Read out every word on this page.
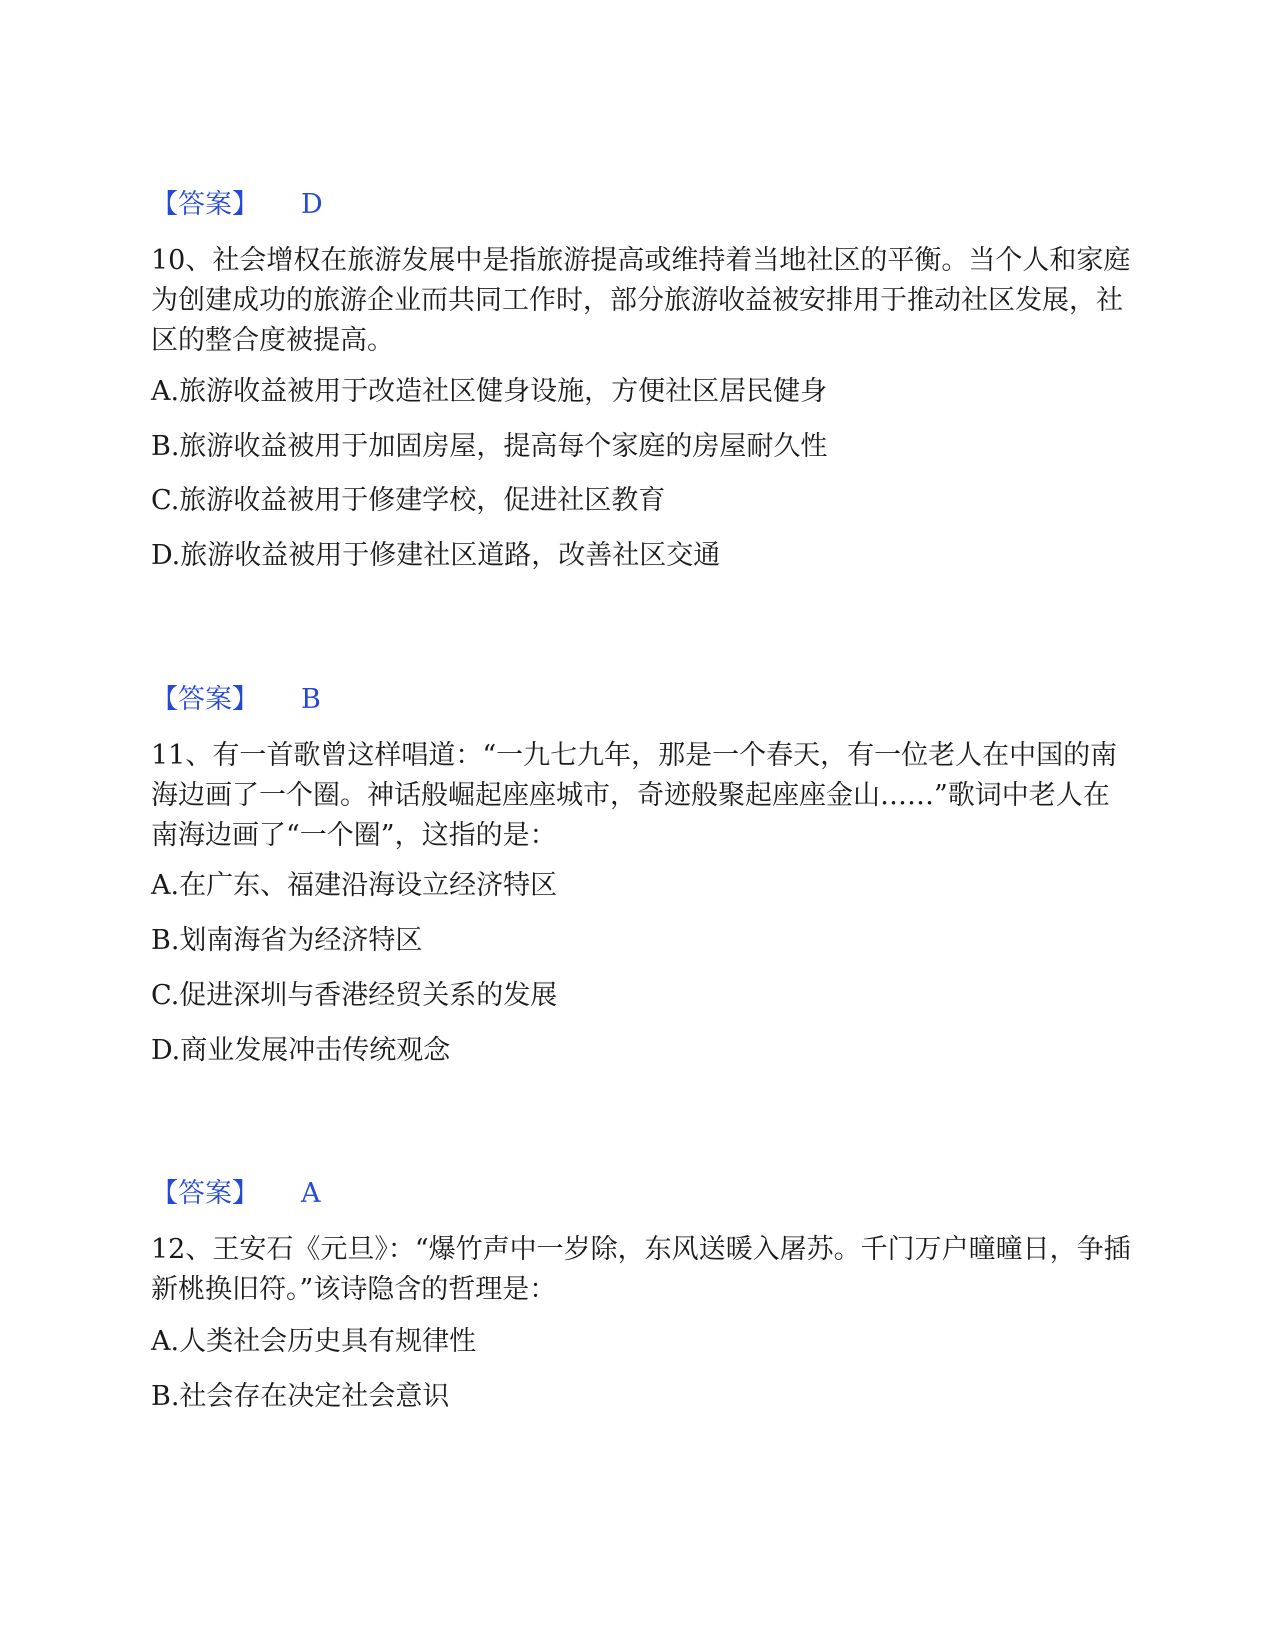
【答案】 D

10、社会增权在旅游发展中是指旅游提高或维持着当地社区的平衡。当个人和家庭为创建成功的旅游企业而共同工作时，部分旅游收益被安排用于推动社区发展，社区的整合度被提高。

A.旅游收益被用于改造社区健身设施，方便社区居民健身

B.旅游收益被用于加固房屋，提高每个家庭的房屋耐久性

C.旅游收益被用于修建学校，促进社区教育

D.旅游收益被用于修建社区道路，改善社区交通

【答案】 B

11、有一首歌曾这样唱道：“一九七九年，那是一个春天，有一位老人在中国的南海边画了一个圈。神话般崛起座座城市，奇迹般聚起座座金山……”歌词中老人在南海边画了“一个圈”，这指的是：

A.在广东、福建沿海设立经济特区

B.划南海省为经济特区

C.促进深圳与香港经贸关系的发展

D.商业发展冲击传统观念

【答案】 A

12、王安石《元旦》：“爆竹声中一岁除，东风送暖入屠苏。千门万户曈曈日，争插新桃换旧符。”该诗隐含的哲理是：

A.人类社会历史具有规律性

B.社会存在决定社会意识
